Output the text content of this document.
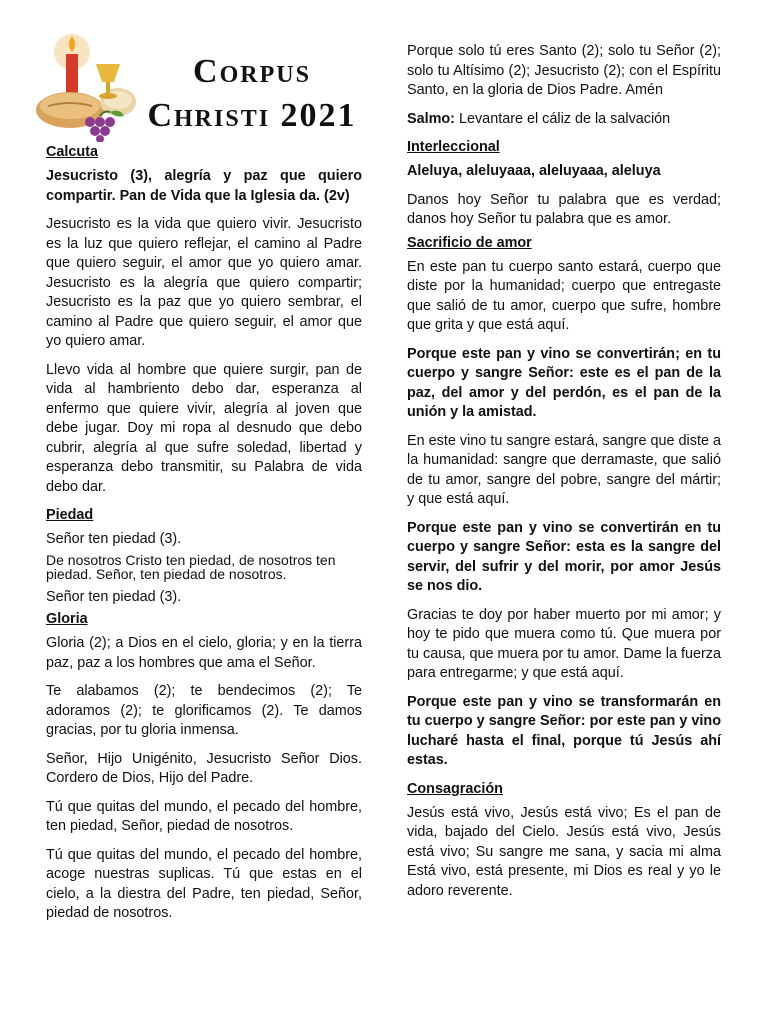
Corpus
Christi 2021
Calcuta

Jesucristo (3), alegría y paz que quiero compartir. Pan de Vida que la Iglesia da. (2v)

Jesucristo es la vida que quiero vivir. Jesucristo es la luz que quiero reflejar, el camino al Padre que quiero seguir, el amor que yo quiero amar. Jesucristo es la alegría que quiero compartir; Jesucristo es la paz que yo quiero sembrar, el camino al Padre que quiero seguir, el amor que yo quiero amar.

Llevo vida al hombre que quiere surgir, pan de vida al hambriento debo dar, esperanza al enfermo que quiere vivir, alegría al joven que debe jugar. Doy mi ropa al desnudo que debo cubrir, alegría al que sufre soledad, libertad y esperanza debo transmitir, su Palabra de vida debo dar.

Piedad

Señor ten piedad (3).

De nosotros Cristo ten piedad, de nosotros ten piedad. Señor, ten piedad de nosotros.

Señor ten piedad (3).

Gloria

Gloria (2); a Dios en el cielo, gloria; y en la tierra paz, paz a los hombres que ama el Señor.

Te alabamos (2); te bendecimos (2); Te adoramos (2); te glorificamos (2). Te damos gracias, por tu gloria inmensa.

Señor, Hijo Unigénito, Jesucristo Señor Dios. Cordero de Dios, Hijo del Padre.

Tú que quitas del mundo, el pecado del hombre, ten piedad, Señor, piedad de nosotros.

Tú que quitas del mundo, el pecado del hombre, acoge nuestras suplicas. Tú que estas en el cielo, a la diestra del Padre, ten piedad, Señor, piedad de nosotros.

Porque solo tú eres Santo (2); solo tu Señor (2); solo tu Altísimo (2); Jesucristo (2); con el Espíritu Santo, en la gloria de Dios Padre. Amén

Salmo: Levantare el cáliz de la salvación

Interleccional

Aleluya, aleluyaaa, aleluyaaa, aleluya

Danos hoy Señor tu palabra que es verdad; danos hoy Señor tu palabra que es amor.

Sacrificio de amor

En este pan tu cuerpo santo estará, cuerpo que diste por la humanidad; cuerpo que entregaste que salió de tu amor, cuerpo que sufre, hombre que grita y que está aquí.

Porque este pan y vino se convertirán; en tu cuerpo y sangre Señor: este es el pan de la paz, del amor y del perdón, es el pan de la unión y la amistad.

En este vino tu sangre estará, sangre que diste a la humanidad: sangre que derramaste, que salió de tu amor, sangre del pobre, sangre del mártir; y que está aquí.

Porque este pan y vino se convertirán en tu cuerpo y sangre Señor: esta es la sangre del servir, del sufrir y del morir, por amor Jesús se nos dio.

Gracias te doy por haber muerto por mi amor; y hoy te pido que muera como tú. Que muera por tu causa, que muera por tu amor. Dame la fuerza para entregarme; y que está aquí.

Porque este pan y vino se transformarán en tu cuerpo y sangre Señor: por este pan y vino lucharé hasta el final, porque tú Jesús ahí estas.

Consagración

Jesús está vivo, Jesús está vivo; Es el pan de vida, bajado del Cielo. Jesús está vivo, Jesús está vivo; Su sangre me sana, y sacia mi alma Está vivo, está presente, mi Dios es real y yo le adoro reverente.
